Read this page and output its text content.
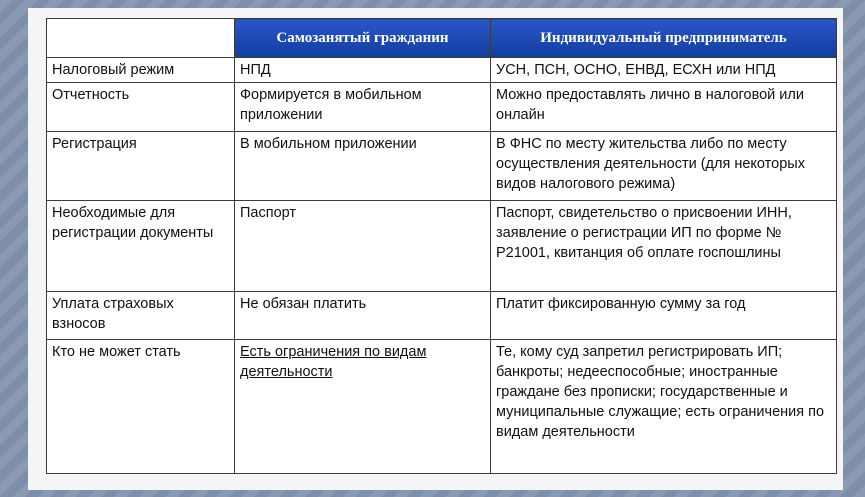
	Самозанятый гражданин	Индивидуальный предприниматель
Налоговый режим	НПД	УСН, ПСН, ОСНО, ЕНВД, ЕСХН или НПД
Отчетность	Формируется в мобильном приложении	Можно предоставлять лично в налоговой или онлайн
Регистрация	В мобильном приложении	В ФНС по месту жительства либо по месту осуществления деятельности (для некоторых видов налогового режима)
Необходимые для регистрации документы	Паспорт	Паспорт, свидетельство о присвоении ИНН, заявление о регистрации ИП по форме № Р21001, квитанция об оплате госпошлины
Уплата страховых взносов	Не обязан платить	Платит фиксированную сумму за год
Кто не может стать	Есть ограничения по видам деятельности	Те, кому суд запретил регистрировать ИП; банкроты; недееспособные; иностранные граждане без прописки; государственные и муниципальные служащие; есть ограничения по видам деятельности
